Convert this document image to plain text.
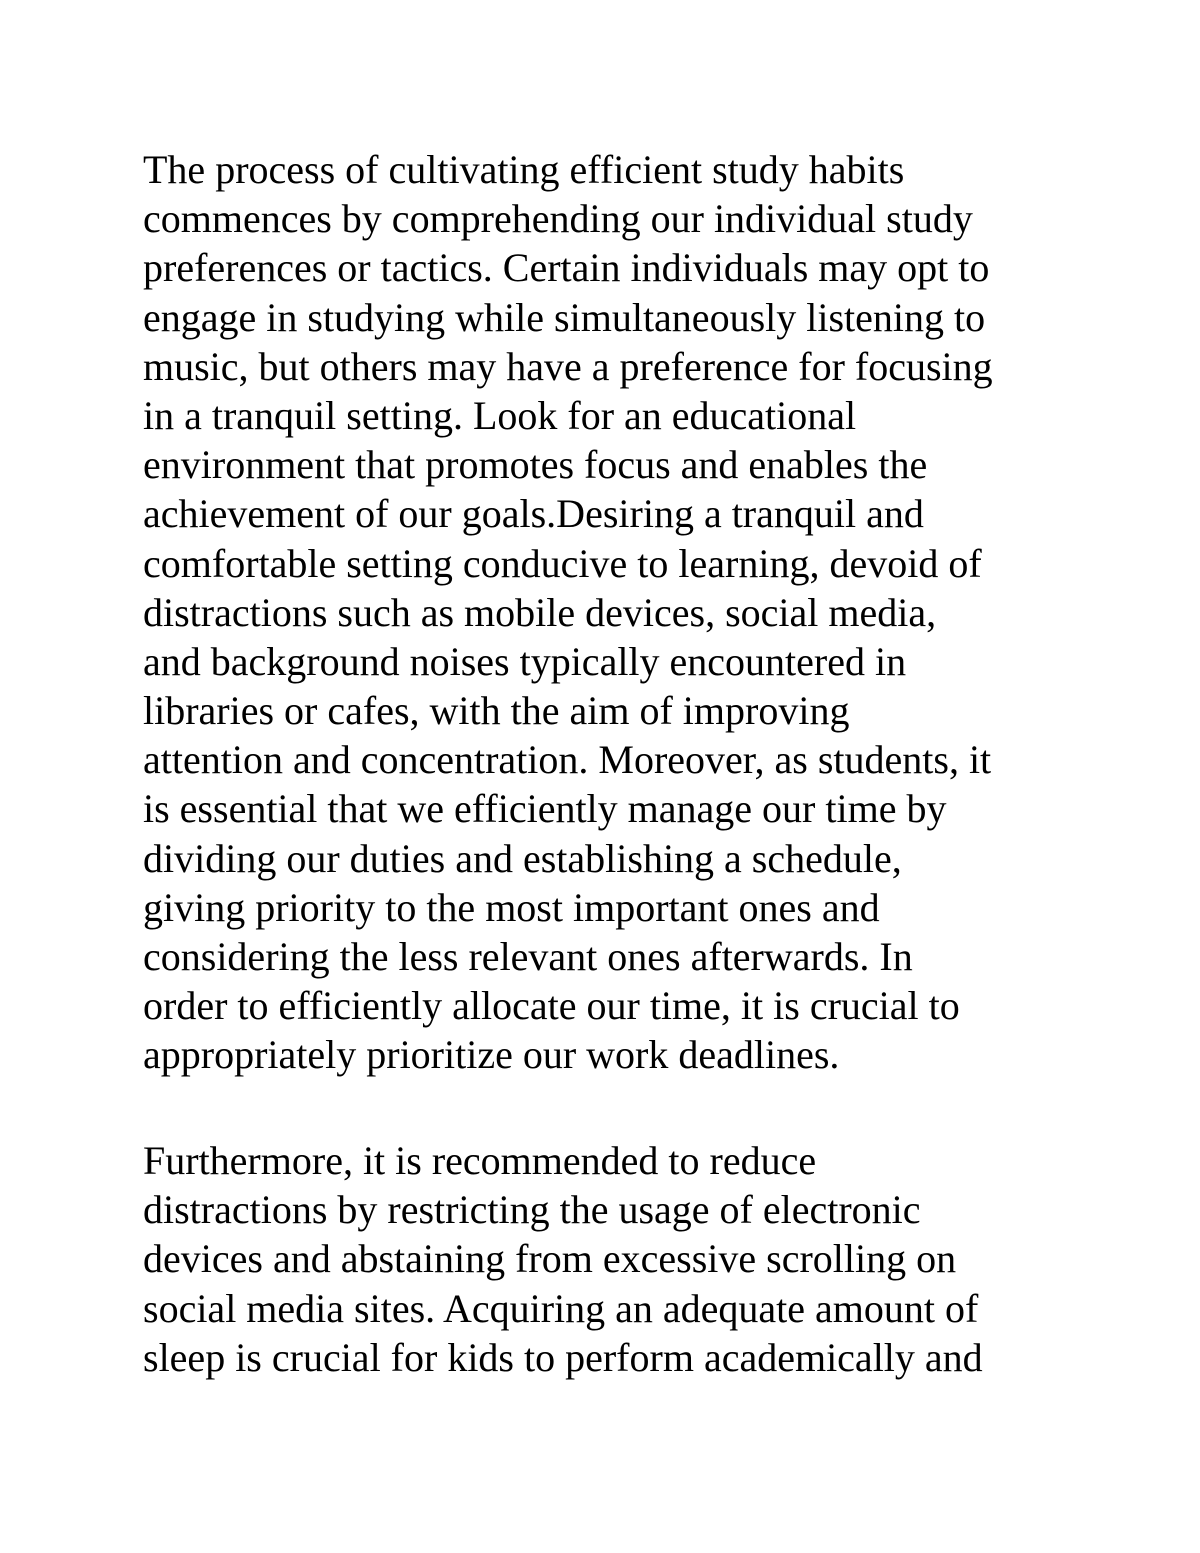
The process of cultivating efficient study habits
commences by comprehending our individual study
preferences or tactics. Certain individuals may opt to
engage in studying while simultaneously listening to
music, but others may have a preference for focusing
in a tranquil setting. Look for an educational
environment that promotes focus and enables the
achievement of our goals.Desiring a tranquil and
comfortable setting conducive to learning, devoid of
distractions such as mobile devices, social media,
and background noises typically encountered in
libraries or cafes, with the aim of improving
attention and concentration. Moreover, as students, it
is essential that we efficiently manage our time by
dividing our duties and establishing a schedule,
giving priority to the most important ones and
considering the less relevant ones afterwards. In
order to efficiently allocate our time, it is crucial to
appropriately prioritize our work deadlines.
Furthermore, it is recommended to reduce
distractions by restricting the usage of electronic
devices and abstaining from excessive scrolling on
social media sites. Acquiring an adequate amount of
sleep is crucial for kids to perform academically and
